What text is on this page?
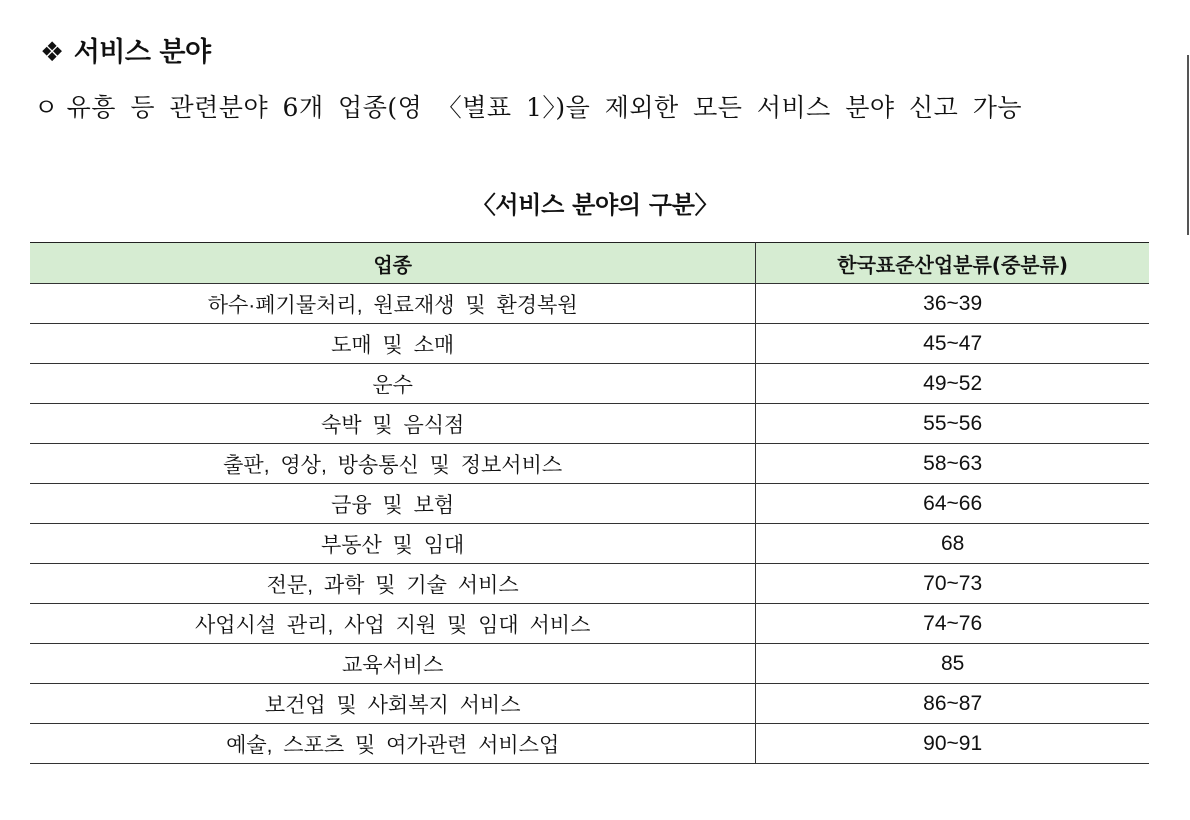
❖ 서비스 분야
ㅇ 유흥 등 관련분야 6개 업종(영 〈별표 1〉)을 제외한 모든 서비스 분야 신고 가능
〈서비스 분야의 구분〉
업종	한국표준산업분류(중분류)
하수·폐기물처리, 원료재생 및 환경복원	36~39
도매 및 소매	45~47
운수	49~52
숙박 및 음식점	55~56
출판, 영상, 방송통신 및 정보서비스	58~63
금융 및 보험	64~66
부동산 및 임대	68
전문, 과학 및 기술 서비스	70~73
사업시설 관리, 사업 지원 및 임대 서비스	74~76
교육서비스	85
보건업 및 사회복지 서비스	86~87
예술, 스포츠 및 여가관련 서비스업	90~91
